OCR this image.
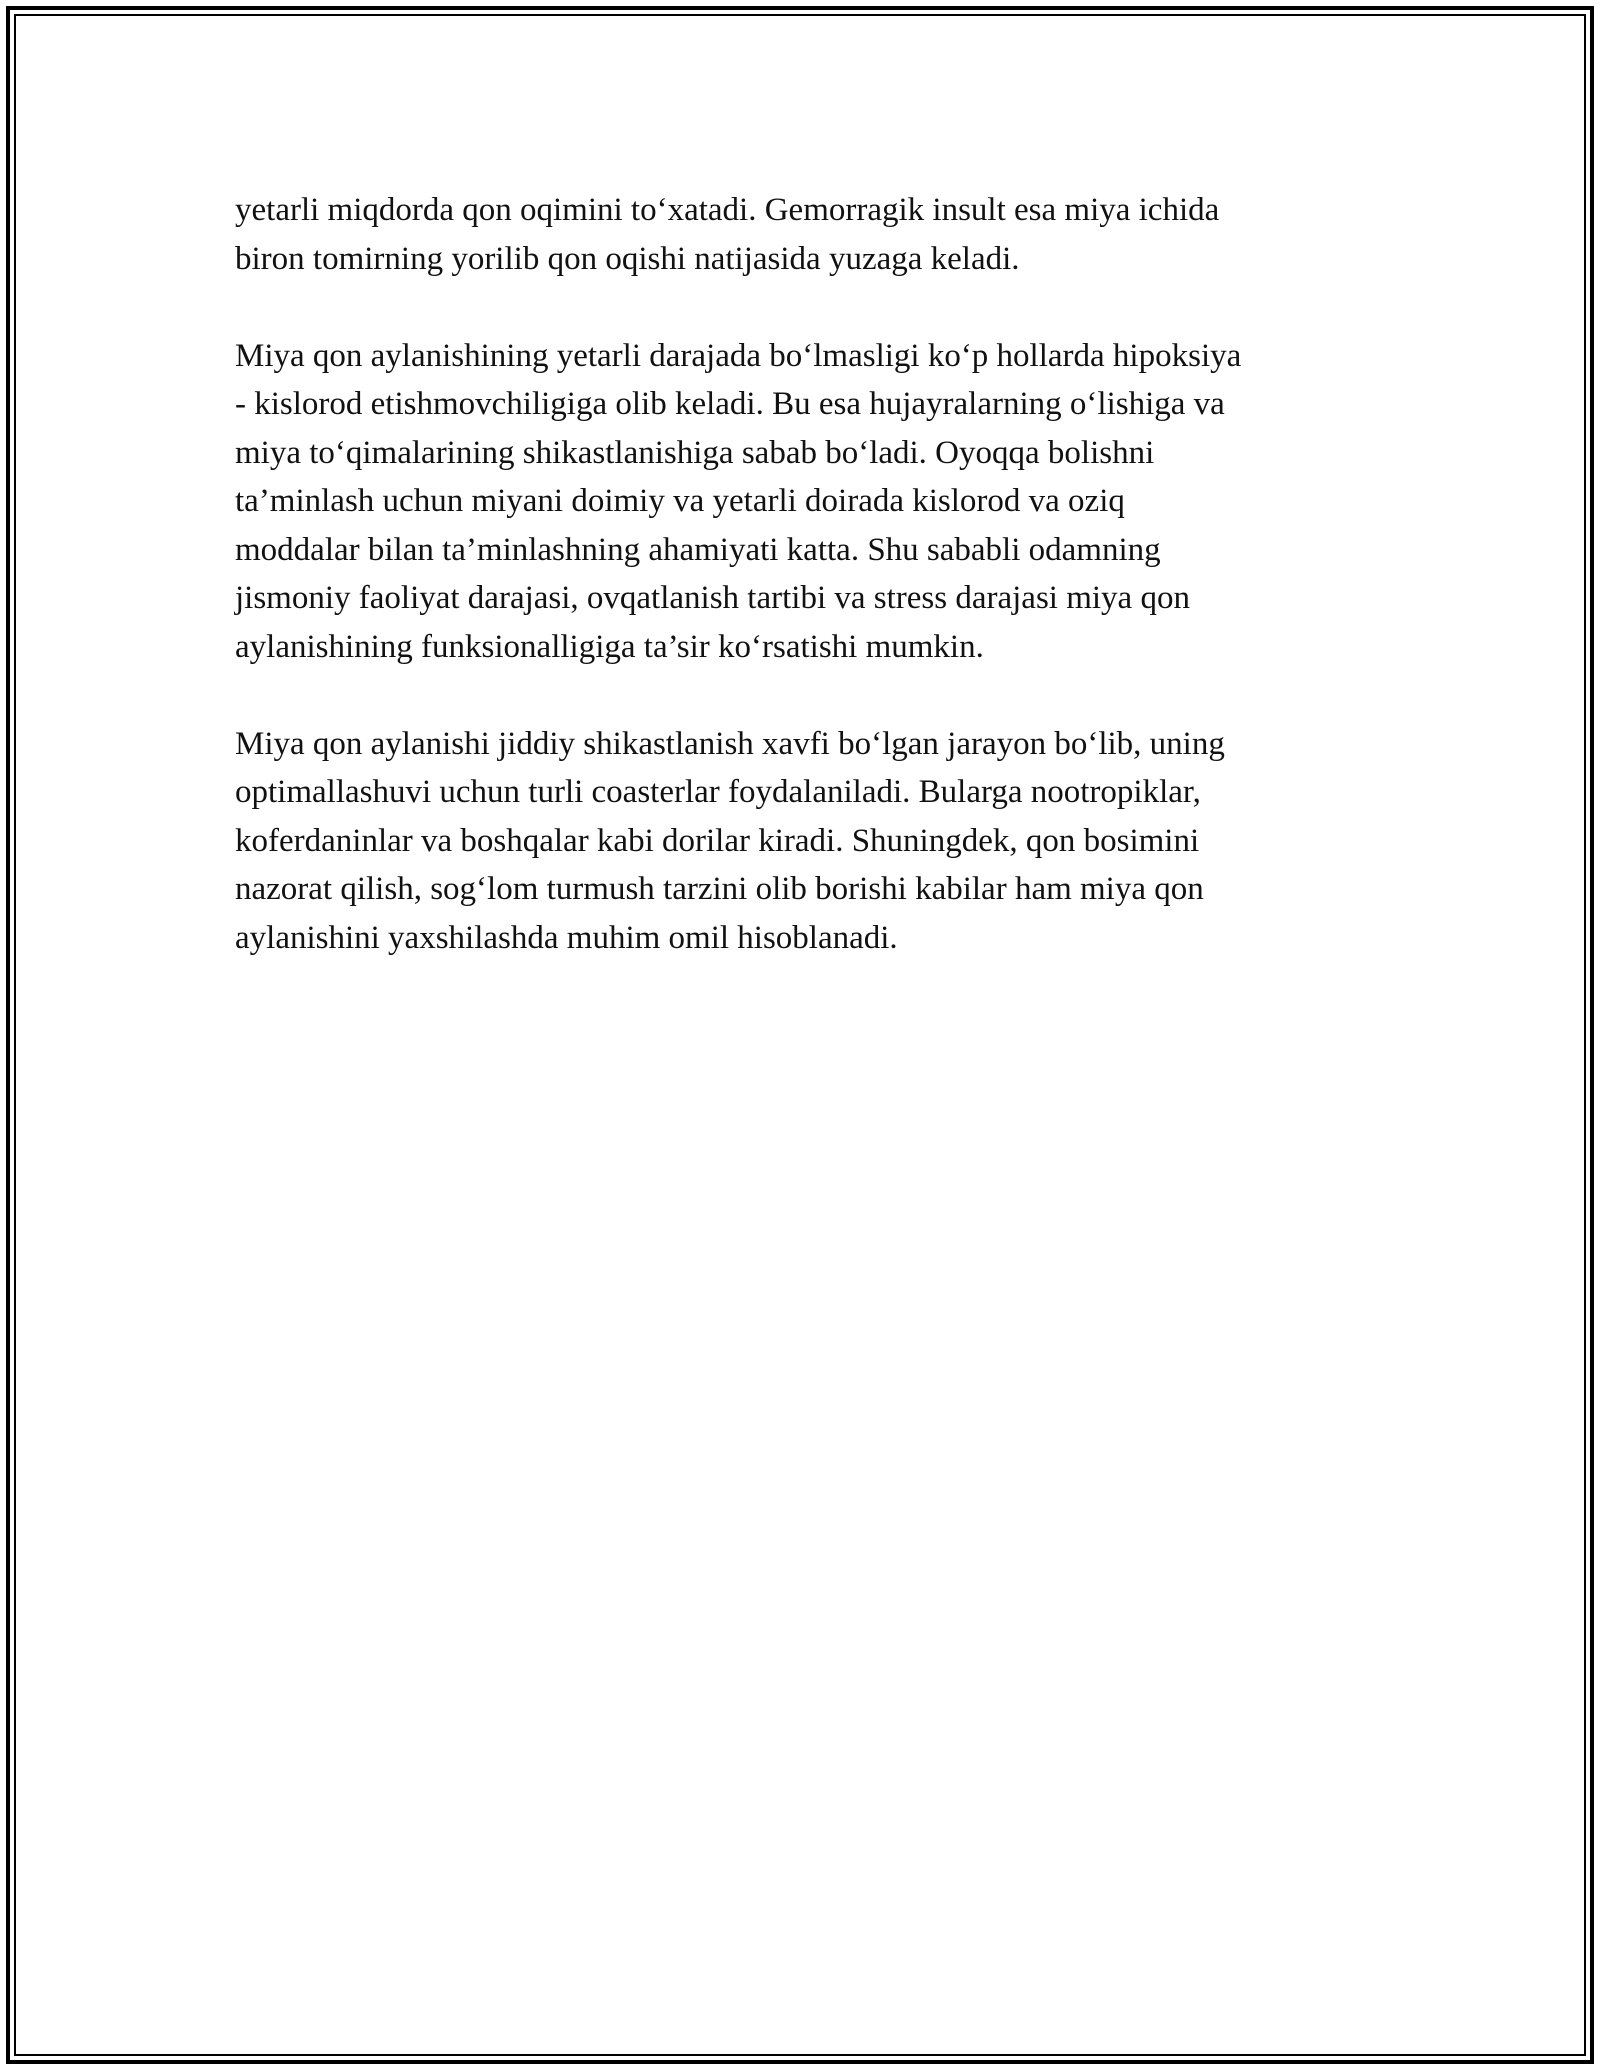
yetarli miqdorda qon oqimini to‘xatadi. Gemorragik insult esa miya ichida
biron tomirning yorilib qon oqishi natijasida yuzaga keladi.

Miya qon aylanishining yetarli darajada bo‘lmasligi ko‘p hollarda hipoksiya
- kislorod etishmovchiligiga olib keladi. Bu esa hujayralarning o‘lishiga va
miya to‘qimalarining shikastlanishiga sabab bo‘ladi. Oyoqqa bolishni
ta’minlash uchun miyani doimiy va yetarli doirada kislorod va oziq
moddalar bilan ta’minlashning ahamiyati katta. Shu sababli odamning
jismoniy faoliyat darajasi, ovqatlanish tartibi va stress darajasi miya qon
aylanishining funksionalligiga ta’sir ko‘rsatishi mumkin.

Miya qon aylanishi jiddiy shikastlanish xavfi bo‘lgan jarayon bo‘lib, uning
optimallashuvi uchun turli coasterlar foydalaniladi. Bularga nootropiklar,
koferdaninlar va boshqalar kabi dorilar kiradi. Shuningdek, qon bosimini
nazorat qilish, sog‘lom turmush tarzini olib borishi kabilar ham miya qon
aylanishini yaxshilashda muhim omil hisoblanadi.
